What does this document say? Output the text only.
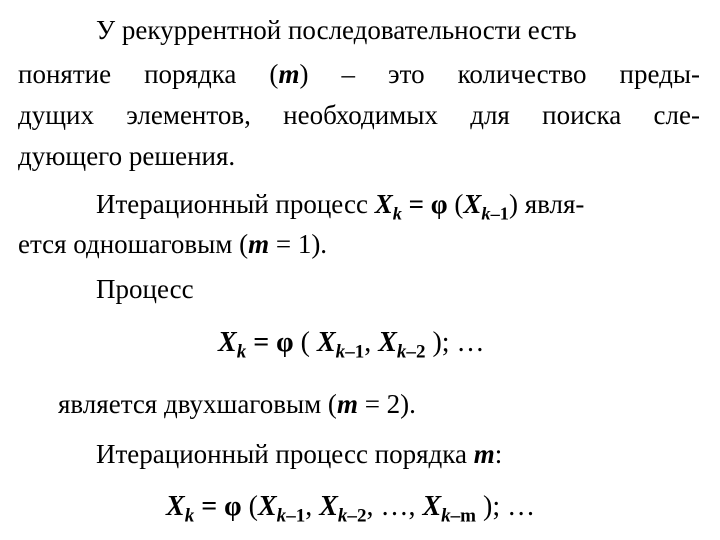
У рекуррентной последовательности есть
понятие порядка (m) – это количество преды-
дущих элементов, необходимых для поиска сле-
дующего решения.
Итерационный процесс $X_k = \varphi$ $(X_{k-1})$ явля-
ется одношаговым (m = 1).
Процесс
$X_k = \varphi$ ( $X_{k-1}$, $X_{k-2}$ ); …
является двухшаговым (m = 2).
Итерационный процесс порядка m:
$X_k = \varphi$ ($X_{k-1}$, $X_{k-2}$, …, $X_{k-m}$ ); …
